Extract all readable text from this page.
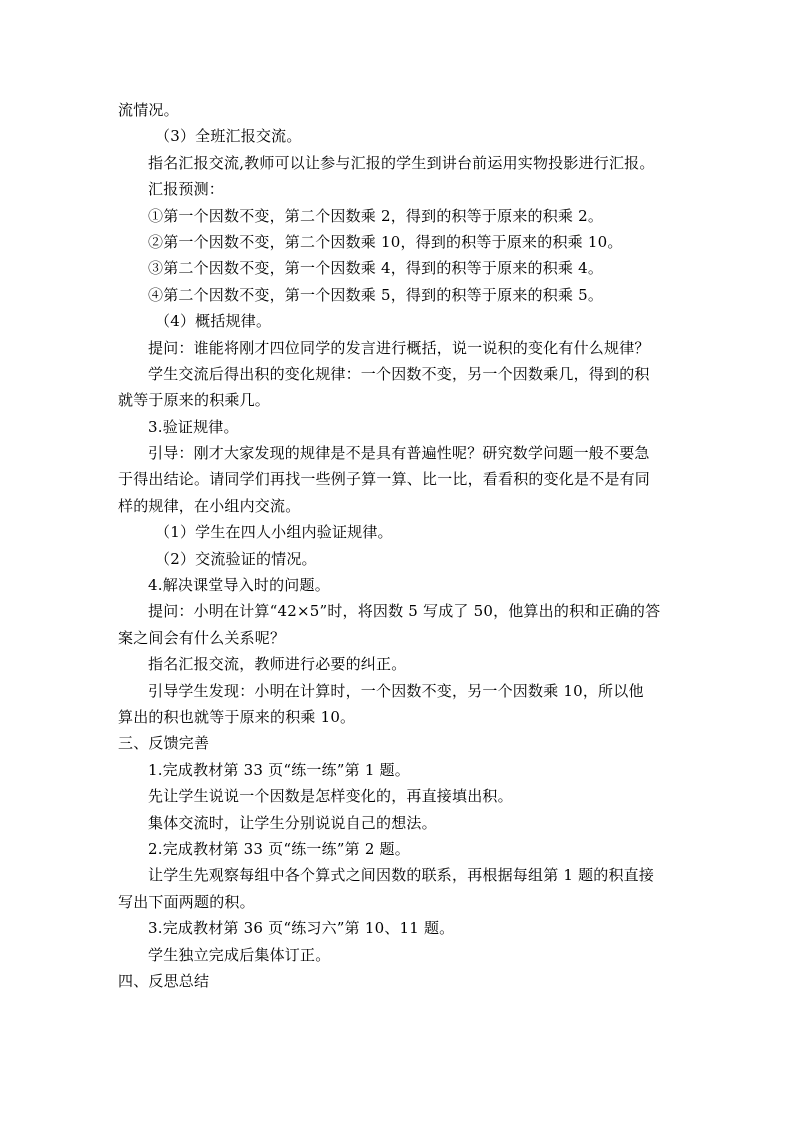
流情况。
（3）全班汇报交流。
指名汇报交流,教师可以让参与汇报的学生到讲台前运用实物投影进行汇报。
汇报预测：
①第一个因数不变，第二个因数乘 2，得到的积等于原来的积乘 2。
②第一个因数不变，第二个因数乘 10，得到的积等于原来的积乘 10。
③第二个因数不变，第一个因数乘 4，得到的积等于原来的积乘 4。
④第二个因数不变，第一个因数乘 5，得到的积等于原来的积乘 5。
（4）概括规律。
提问：谁能将刚才四位同学的发言进行概括，说一说积的变化有什么规律？
学生交流后得出积的变化规律：一个因数不变，另一个因数乘几，得到的积
就等于原来的积乘几。
3.验证规律。
引导：刚才大家发现的规律是不是具有普遍性呢？研究数学问题一般不要急
于得出结论。请同学们再找一些例子算一算、比一比，看看积的变化是不是有同
样的规律，在小组内交流。
（1）学生在四人小组内验证规律。
（2）交流验证的情况。
4.解决课堂导入时的问题。
提问：小明在计算“42×5”时，将因数 5 写成了 50，他算出的积和正确的答
案之间会有什么关系呢？
指名汇报交流，教师进行必要的纠正。
引导学生发现：小明在计算时，一个因数不变，另一个因数乘 10，所以他
算出的积也就等于原来的积乘 10。
三、反馈完善
1.完成教材第 33 页“练一练”第 1 题。
先让学生说说一个因数是怎样变化的，再直接填出积。
集体交流时，让学生分别说说自己的想法。
2.完成教材第 33 页“练一练”第 2 题。
让学生先观察每组中各个算式之间因数的联系，再根据每组第 1 题的积直接
写出下面两题的积。
3.完成教材第 36 页“练习六”第 10、11 题。
学生独立完成后集体订正。
四、反思总结
